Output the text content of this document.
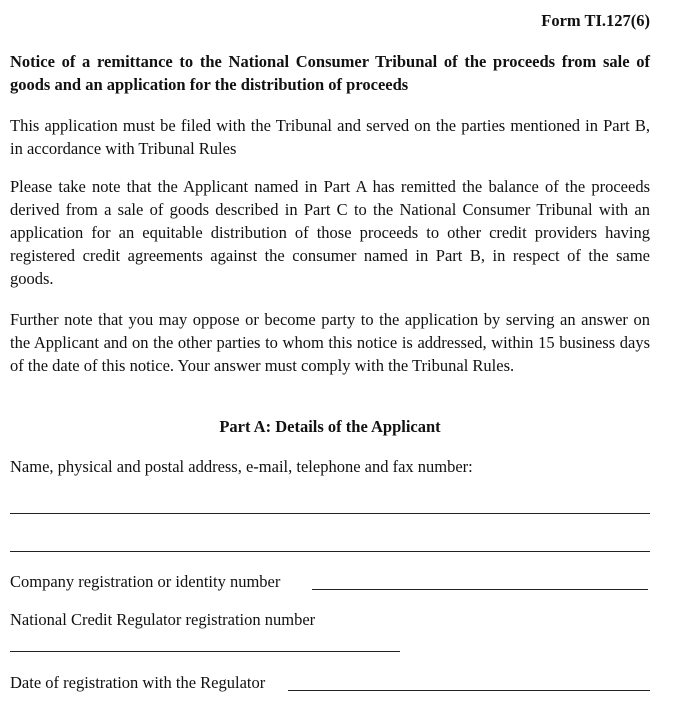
Form TI.127(6)
Notice of a remittance to the National Consumer Tribunal of the proceeds from sale of goods and an application for the distribution of proceeds
This application must be filed with the Tribunal and served on the parties mentioned in Part B, in accordance with Tribunal Rules
Please take note that the Applicant named in Part A has remitted the balance of the proceeds derived from a sale of goods described in Part C to the National Consumer Tribunal with an application for an equitable distribution of those proceeds to other credit providers having registered credit agreements against the consumer named in Part B, in respect of the same goods.
Further note that you may oppose or become party to the application by serving an answer on the Applicant and on the other parties to whom this notice is addressed, within 15 business days of the date of this notice. Your answer must comply with the Tribunal Rules.
Part A: Details of the Applicant
Name, physical and postal address, e-mail, telephone and fax number:
Company registration or identity number
National Credit Regulator registration number
Date of registration with the Regulator
